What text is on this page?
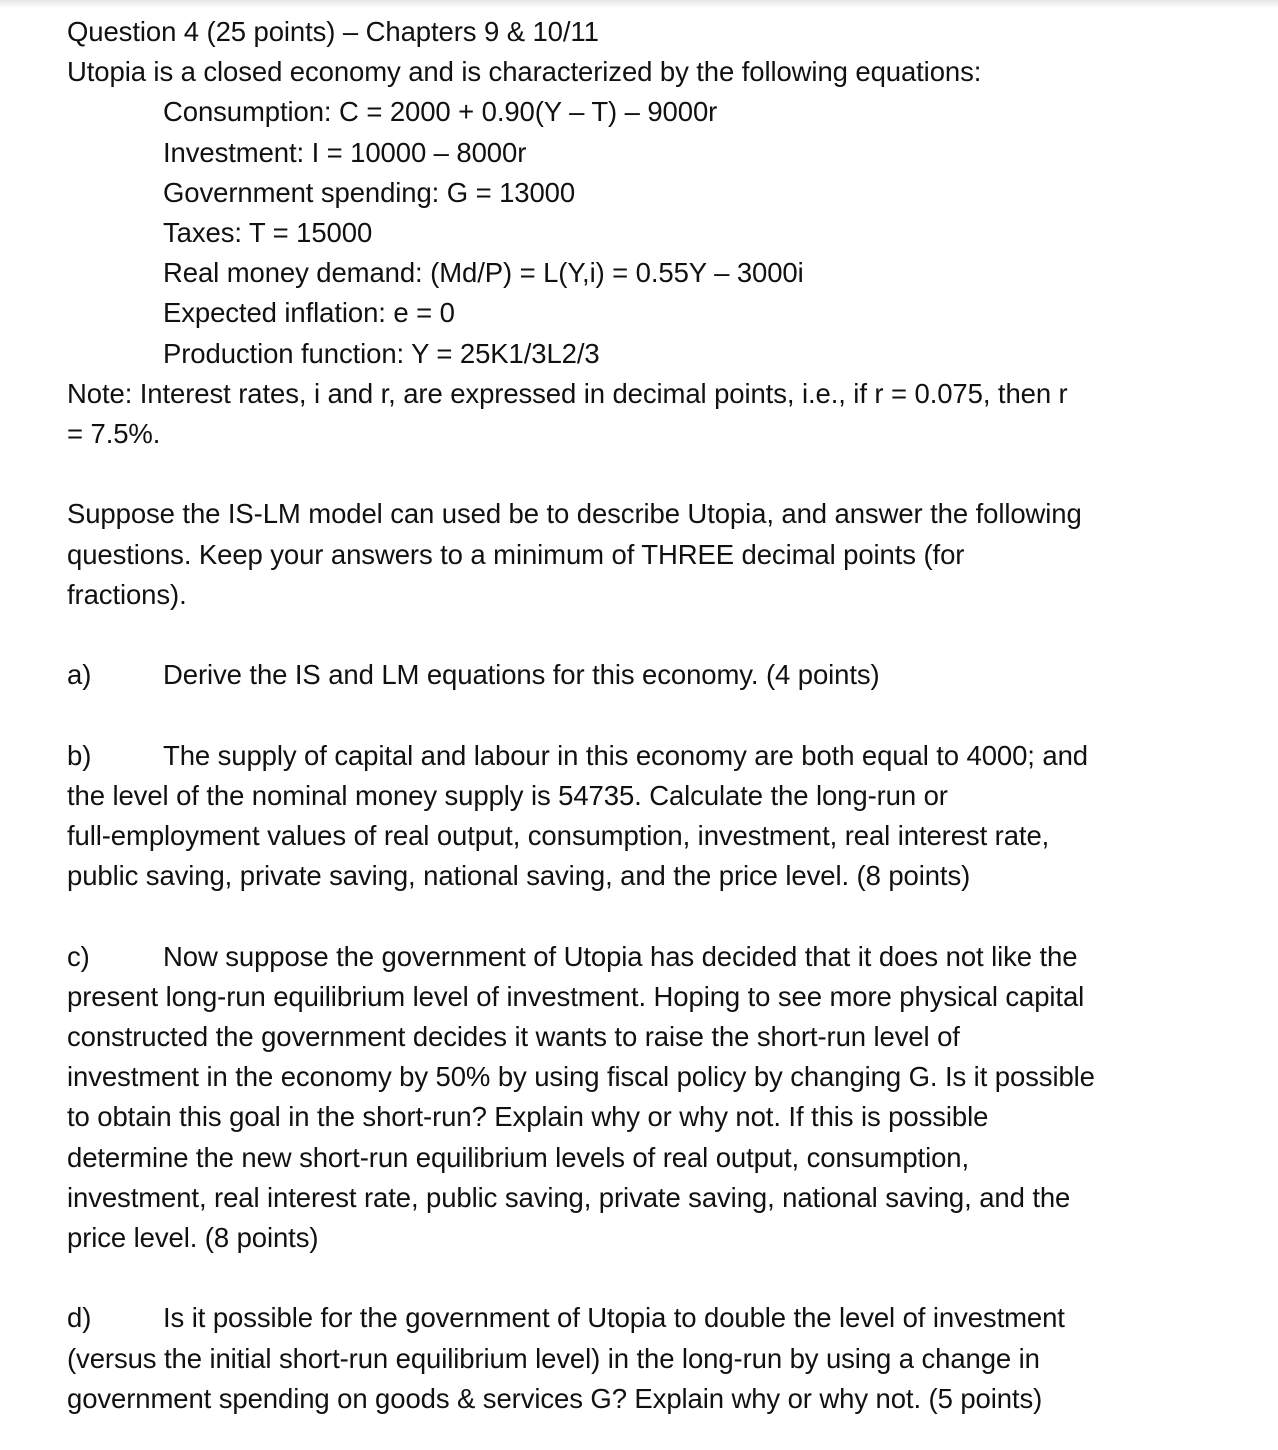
Question 4 (25 points) – Chapters 9 & 10/11

Utopia is a closed economy and is characterized by the following equations:

Consumption: C = 2000 + 0.90(Y – T) – 9000r

Investment: I = 10000 – 8000r

Government spending: G = 13000

Taxes: T = 15000

Real money demand: (Md/P) = L(Y,i) = 0.55Y – 3000i

Expected inflation: e = 0

Production function: Y = 25K1/3L2/3

Note: Interest rates, i and r, are expressed in decimal points, i.e., if r = 0.075, then r

= 7.5%.

Suppose the IS-LM model can used be to describe Utopia, and answer the following

questions. Keep your answers to a minimum of THREE decimal points (for

fractions).

a)	Derive the IS and LM equations for this economy. (4 points)

b)	The supply of capital and labour in this economy are both equal to 4000; and

the level of the nominal money supply is 54735. Calculate the long-run or

full-employment values of real output, consumption, investment, real interest rate,

public saving, private saving, national saving, and the price level. (8 points)

c)	Now suppose the government of Utopia has decided that it does not like the

present long-run equilibrium level of investment. Hoping to see more physical capital

constructed the government decides it wants to raise the short-run level of

investment in the economy by 50% by using fiscal policy by changing G. Is it possible

to obtain this goal in the short-run? Explain why or why not. If this is possible

determine the new short-run equilibrium levels of real output, consumption,

investment, real interest rate, public saving, private saving, national saving, and the

price level. (8 points)

d)	Is it possible for the government of Utopia to double the level of investment

(versus the initial short-run equilibrium level) in the long-run by using a change in

government spending on goods & services G? Explain why or why not. (5 points)
